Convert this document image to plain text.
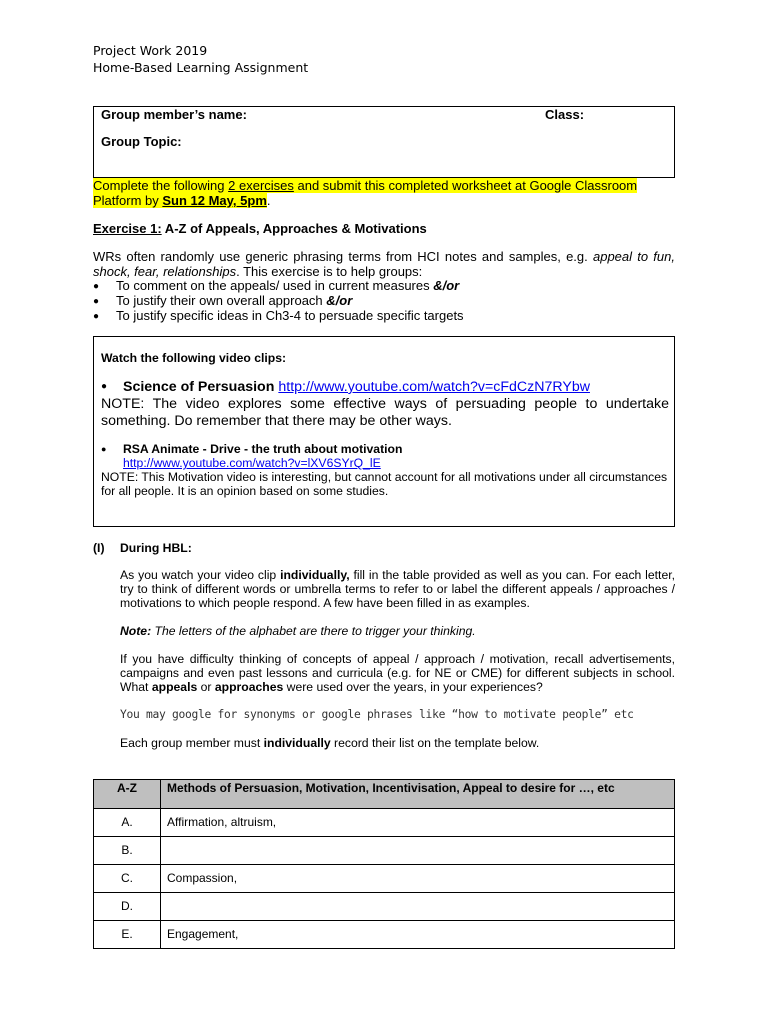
Project Work 2019
Home-Based Learning Assignment
Group member’s name:	Class:
Group Topic:
Complete the following 2 exercises and submit this completed worksheet at Google Classroom
Platform by Sun 12 May, 5pm.
Exercise 1: A-Z of Appeals, Approaches & Motivations
WRs often randomly use generic phrasing terms from HCI notes and samples, e.g. appeal to fun, shock, fear, relationships. This exercise is to help groups:
● To comment on the appeals/ used in current measures &/or
● To justify their own overall approach &/or
● To justify specific ideas in Ch3-4 to persuade specific targets
Watch the following video clips:
● Science of Persuasion http://www.youtube.com/watch?v=cFdCzN7RYbw
NOTE: The video explores some effective ways of persuading people to undertake something. Do remember that there may be other ways.
● RSA Animate - Drive - the truth about motivation
http://www.youtube.com/watch?v=lXV6SYrQ_lE
NOTE: This Motivation video is interesting, but cannot account for all motivations under all circumstances for all people. It is an opinion based on some studies.
(I) During HBL:
As you watch your video clip individually, fill in the table provided as well as you can. For each letter, try to think of different words or umbrella terms to refer to or label the different appeals / approaches / motivations to which people respond. A few have been filled in as examples.
Note: The letters of the alphabet are there to trigger your thinking.
If you have difficulty thinking of concepts of appeal / approach / motivation, recall advertisements, campaigns and even past lessons and curricula (e.g. for NE or CME) for different subjects in school. What appeals or approaches were used over the years, in your experiences?
You may google for synonyms or google phrases like “how to motivate people” etc
Each group member must individually record their list on the template below.
A-Z	Methods of Persuasion, Motivation, Incentivisation, Appeal to desire for …, etc
A.	Affirmation, altruism,
B.	
C.	Compassion,
D.	
E.	Engagement,
